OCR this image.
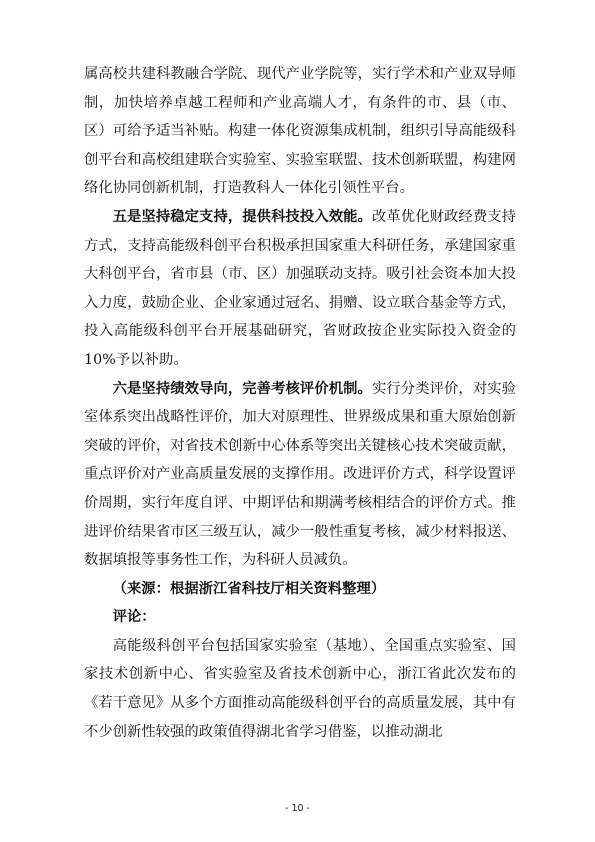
属高校共建科教融合学院、现代产业学院等，实行学术和产业双导师制，加快培养卓越工程师和产业高端人才，有条件的市、县（市、区）可给予适当补贴。构建一体化资源集成机制，组织引导高能级科创平台和高校组建联合实验室、实验室联盟、技术创新联盟，构建网络化协同创新机制，打造教科人一体化引领性平台。

五是坚持稳定支持，提供科技投入效能。改革优化财政经费支持方式，支持高能级科创平台积极承担国家重大科研任务，承建国家重大科创平台，省市县（市、区）加强联动支持。吸引社会资本加大投入力度，鼓励企业、企业家通过冠名、捐赠、设立联合基金等方式，投入高能级科创平台开展基础研究，省财政按企业实际投入资金的10%予以补助。

六是坚持绩效导向，完善考核评价机制。实行分类评价，对实验室体系突出战略性评价，加大对原理性、世界级成果和重大原始创新突破的评价，对省技术创新中心体系等突出关键核心技术突破贡献，重点评价对产业高质量发展的支撑作用。改进评价方式，科学设置评价周期，实行年度自评、中期评估和期满考核相结合的评价方式。推进评价结果省市区三级互认，减少一般性重复考核，减少材料报送、数据填报等事务性工作，为科研人员减负。

（来源：根据浙江省科技厅相关资料整理）

评论：

高能级科创平台包括国家实验室（基地）、全国重点实验室、国家技术创新中心、省实验室及省技术创新中心，浙江省此次发布的《若干意见》从多个方面推动高能级科创平台的高质量发展，其中有不少创新性较强的政策值得湖北省学习借鉴，以推动湖北

- 10 -
